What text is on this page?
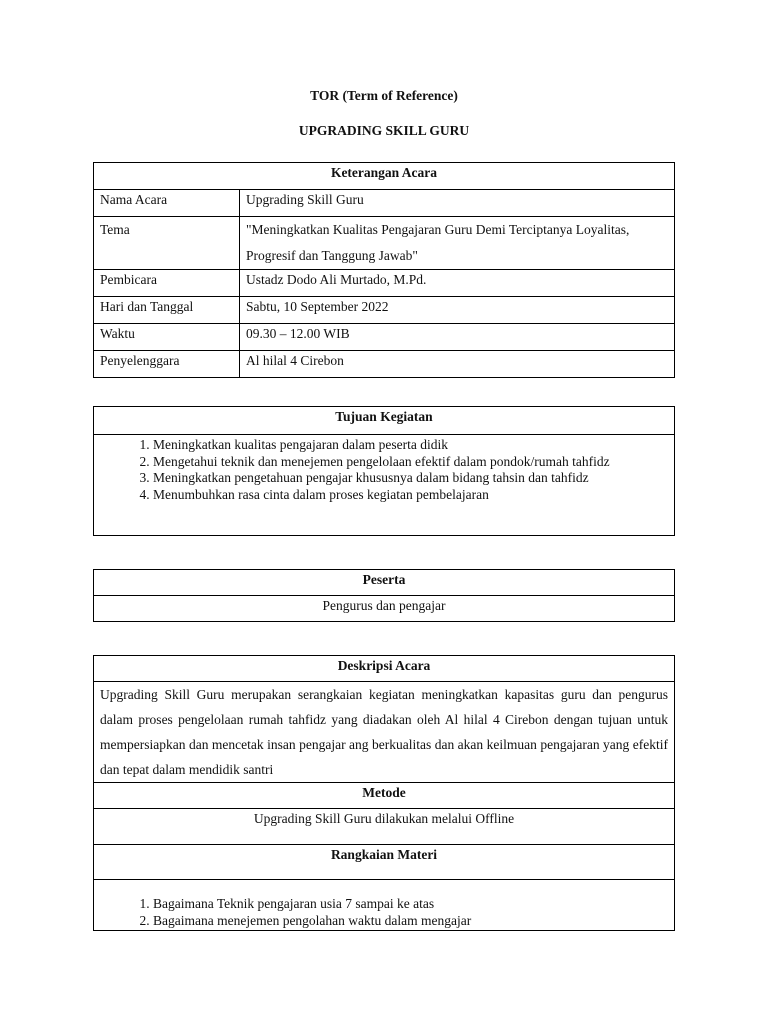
TOR (Term of Reference)
UPGRADING SKILL GURU
Keterangan Acara	
Nama Acara	Upgrading Skill Guru
Tema	"Meningkatkan Kualitas Pengajaran Guru Demi Terciptanya Loyalitas, Progresif dan Tanggung Jawab"
Pembicara	Ustadz Dodo Ali Murtado, M.Pd.
Hari dan Tanggal	Sabtu, 10 September 2022
Waktu	09.30 – 12.00 WIB
Penyelenggara	Al hilal 4 Cirebon
Tujuan Kegiatan

1. Meningkatkan kualitas pengajaran dalam peserta didik
2. Mengetahui teknik dan menejemen pengelolaan efektif dalam pondok/rumah tahfidz
3. Meningkatkan pengetahuan pengajar khususnya dalam bidang tahsin dan tahfidz
4. Menumbuhkan rasa cinta dalam proses kegiatan pembelajaran
Peserta
Pengurus dan pengajar
Deskripsi Acara
Upgrading Skill Guru merupakan serangkaian kegiatan meningkatkan kapasitas guru dan pengurus dalam proses pengelolaan rumah tahfidz yang diadakan oleh Al hilal 4 Cirebon dengan tujuan untuk mempersiapkan dan mencetak insan pengajar ang berkualitas dan akan keilmuan pengajaran yang efektif dan tepat dalam mendidik santri
Metode
Upgrading Skill Guru dilakukan melalui Offline
Rangkaian Materi

1. Bagaimana Teknik pengajaran usia 7 sampai ke atas
2. Bagaimana menejemen pengolahan waktu dalam mengajar
